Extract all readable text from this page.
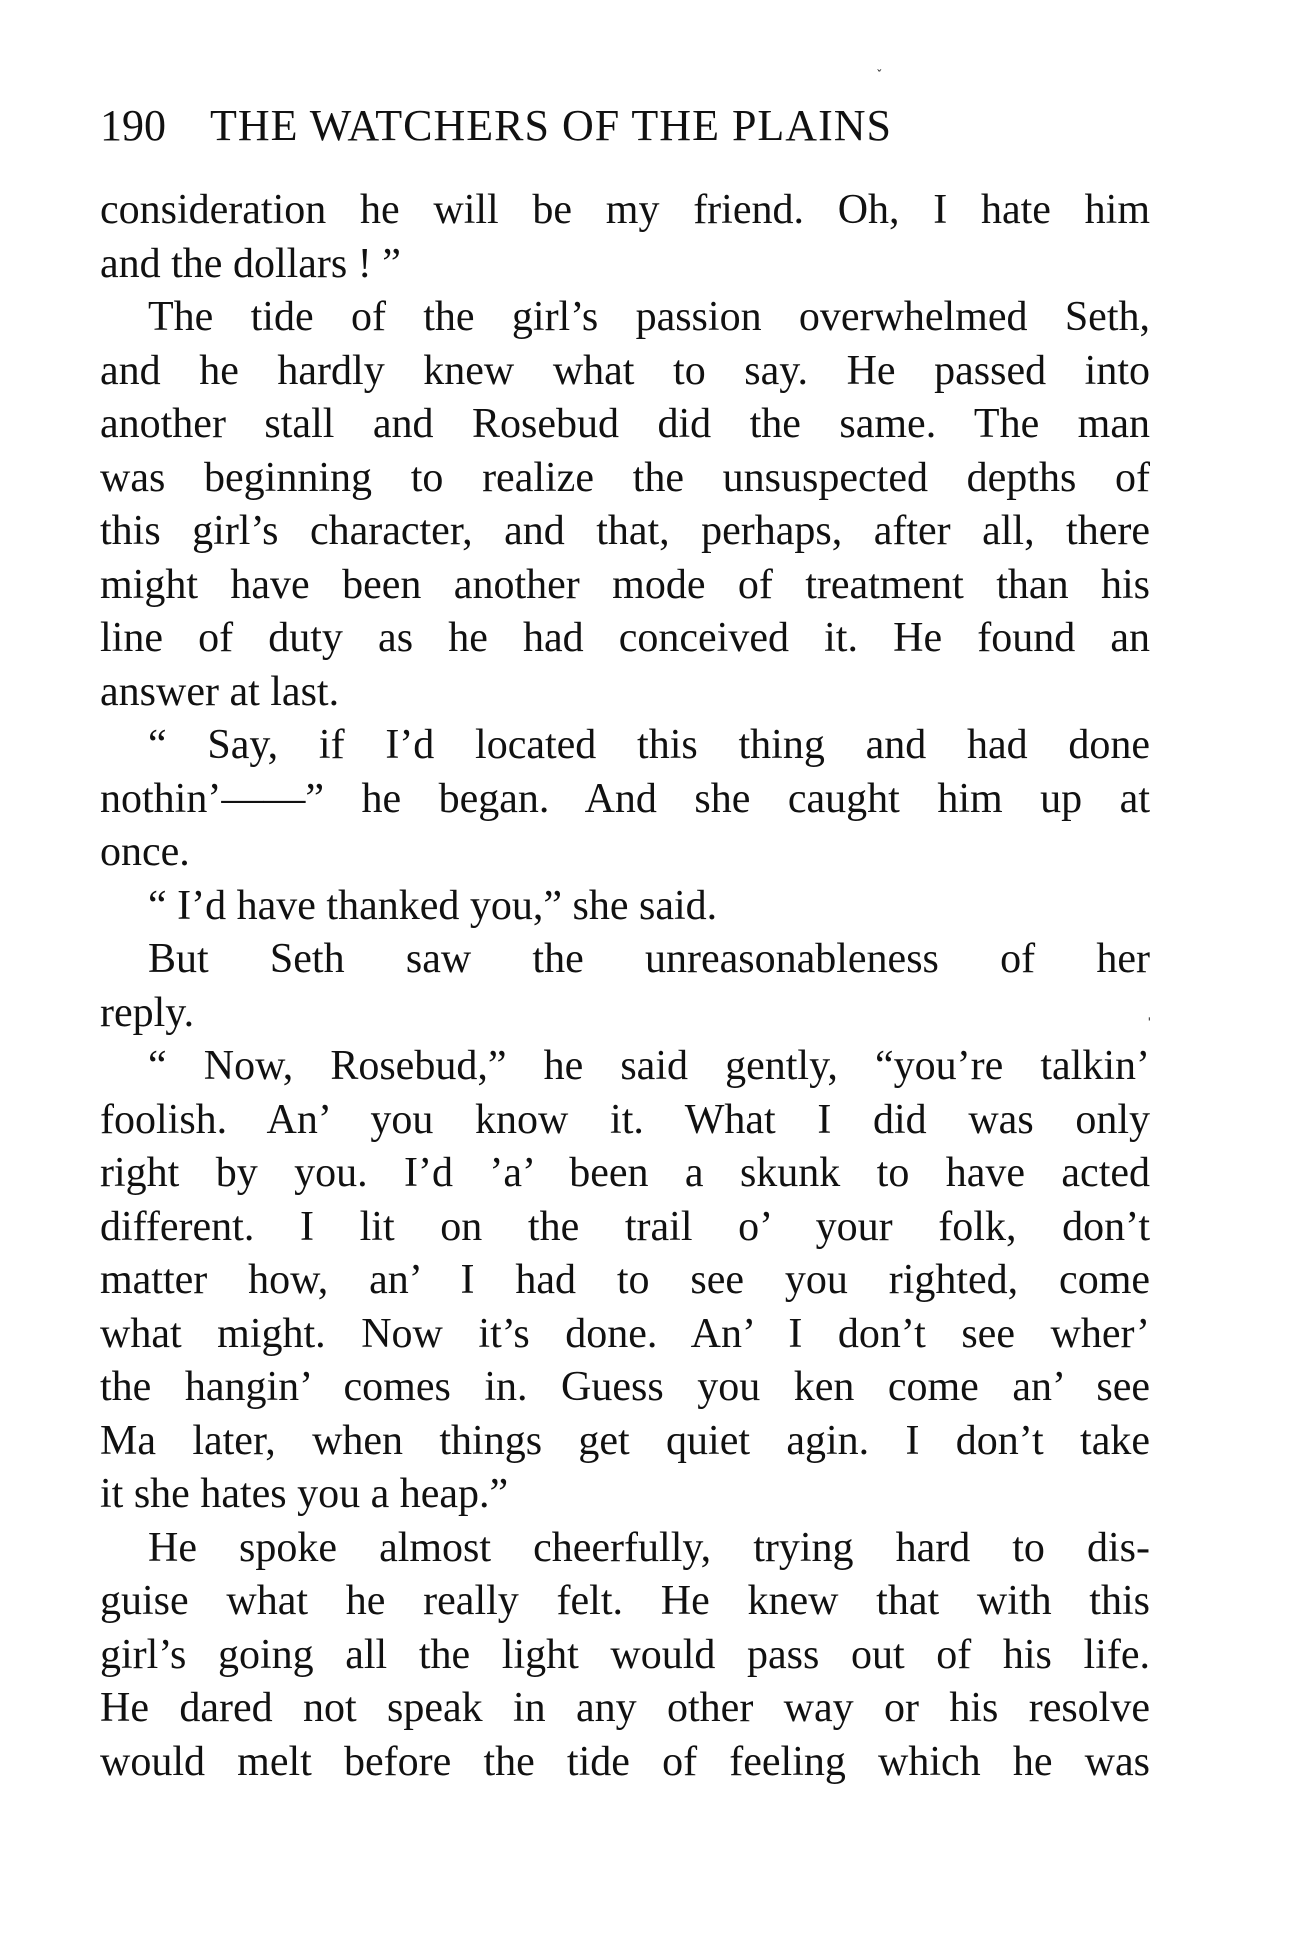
˯
190 THE WATCHERS OF THE PLAINS
ˌ
consideration he will be my friend. Oh, I hate him
and the dollars ! ”
The tide of the girl’s passion overwhelmed Seth,
and he hardly knew what to say. He passed into
another stall and Rosebud did the same. The man
was beginning to realize the unsuspected depths of
this girl’s character, and that, perhaps, after all, there
might have been another mode of treatment than his
line of duty as he had conceived it. He found an
answer at last.
“ Say, if I’d located this thing and had done
nothin’——” he began. And she caught him up at
once.
“ I’d have thanked you,” she said.
But Seth saw the unreasonableness of her
reply.
“ Now, Rosebud,” he said gently, “you’re talkin’
foolish. An’ you know it. What I did was only
right by you. I’d ’a’ been a skunk to have acted
different. I lit on the trail o’ your folk, don’t
matter how, an’ I had to see you righted, come
what might. Now it’s done. An’ I don’t see wher’
the hangin’ comes in. Guess you ken come an’ see
Ma later, when things get quiet agin. I don’t take
it she hates you a heap.”
He spoke almost cheerfully, trying hard to dis-
guise what he really felt. He knew that with this
girl’s going all the light would pass out of his life.
He dared not speak in any other way or his resolve
would melt before the tide of feeling which he was
